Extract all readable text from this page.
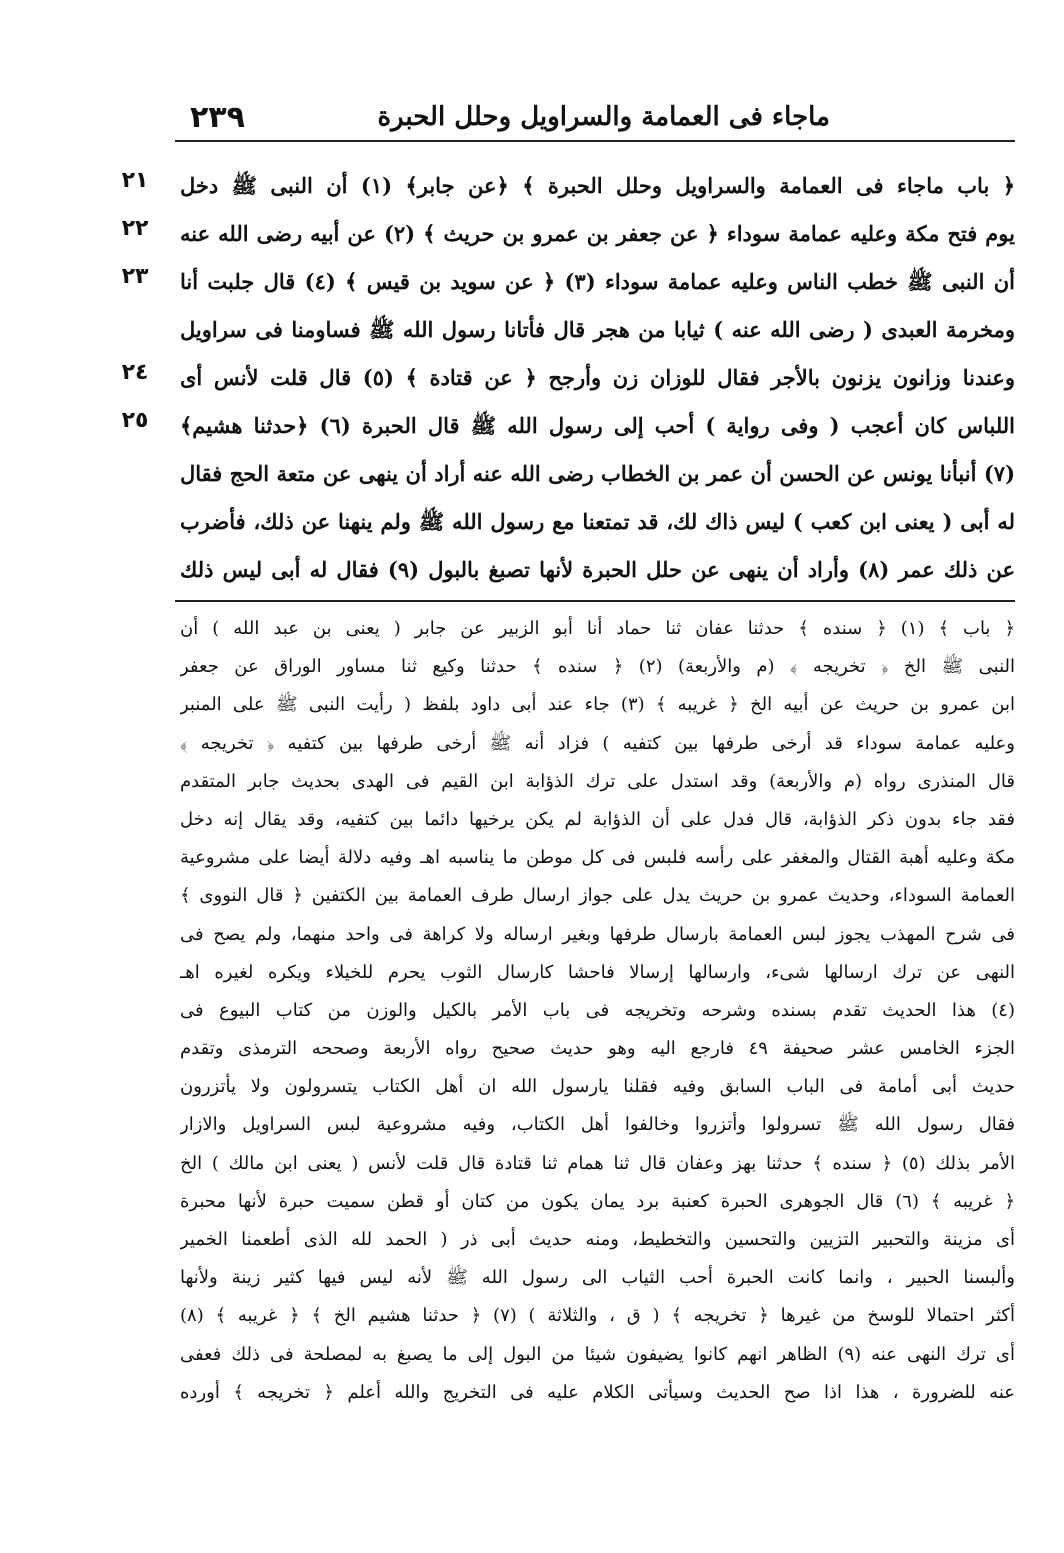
٢٣٩	ماجاء فى العمامة والسراويل وحلل الحبرة
٢١
٢٢
٢٣
٢٤
٢٥
﴿ باب ماجاء فى العمامة والسراويل وحلل الحبرة ﴾ ﴿عن جابر﴾ (١) أن النبى ﷺ دخل
يوم فتح مكة وعليه عمامة سوداء ﴿ عن جعفر بن عمرو بن حريث ﴾ (٢) عن أبيه رضى الله عنه
أن النبى ﷺ خطب الناس وعليه عمامة سوداء (٣) ﴿ عن سويد بن قيس ﴾ (٤) قال جلبت أنا
ومخرمة العبدى ( رضى الله عنه ) ثيابا من هجر قال فأتانا رسول الله ﷺ فساومنا فى سراويل
وعندنا وزانون يزنون بالأجر فقال للوزان زن وأرجح ﴿ عن قتادة ﴾ (٥) قال قلت لأنس أى
اللباس كان أعجب ( وفى رواية ) أحب إلى رسول الله ﷺ قال الحبرة (٦) ﴿حدثنا هشيم﴾
(٧) أنبأنا يونس عن الحسن أن عمر بن الخطاب رضى الله عنه أراد أن ينهى عن متعة الحج فقال
له أبى ( يعنى ابن كعب ) ليس ذاك لك، قد تمتعنا مع رسول الله ﷺ ولم ينهنا عن ذلك، فأضرب
عن ذلك عمر (٨) وأراد أن ينهى عن حلل الحبرة لأنها تصبغ بالبول (٩) فقال له أبى ليس ذلك
﴿ باب ﴾ (١) ﴿ سنده ﴾ حدثنا عفان ثنا حماد أنا أبو الزبير عن جابر ( يعنى بن عبد الله ) أن
النبى ﷺ الخ ﴿ تخريجه ﴾ (م والأربعة) (٢) ﴿ سنده ﴾ حدثنا وكيع ثنا مساور الوراق عن جعفر
ابن عمرو بن حريث عن أبيه الخ ﴿ غريبه ﴾ (٣) جاء عند أبى داود بلفظ ( رأيت النبى ﷺ على المنبر
وعليه عمامة سوداء قد أرخى طرفها بين كتفيه ) فزاد أنه ﷺ أرخى طرفها بين كتفيه ﴿ تخريجه ﴾
قال المنذرى رواه (م والأربعة) وقد استدل على ترك الذؤابة ابن القيم فى الهدى بحديث جابر المتقدم
فقد جاء بدون ذكر الذؤابة، قال فدل على أن الذؤابة لم يكن يرخيها دائما بين كتفيه، وقد يقال إنه دخل
مكة وعليه أهبة القتال والمغفر على رأسه فلبس فى كل موطن ما يناسبه اهـ وفيه دلالة أيضا على مشروعية
العمامة السوداء، وحديث عمرو بن حريث يدل على جواز ارسال طرف العمامة بين الكتفين ﴿ قال النووى ﴾
فى شرح المهذب يجوز لبس العمامة بارسال طرفها وبغير ارساله ولا كراهة فى واحد منهما، ولم يصح فى
النهى عن ترك ارسالها شىء، وارسالها إرسالا فاحشا كارسال الثوب يحرم للخيلاء ويكره لغيره اهـ
(٤) هذا الحديث تقدم بسنده وشرحه وتخريجه فى باب الأمر بالكيل والوزن من كتاب البيوع فى
الجزء الخامس عشر صحيفة ٤٩ فارجع اليه وهو حديث صحيح رواه الأربعة وصححه الترمذى وتقدم
حديث أبى أمامة فى الباب السابق وفيه فقلنا يارسول الله ان أهل الكتاب يتسرولون ولا يأتزرون
فقال رسول الله ﷺ تسرولوا وأتزروا وخالفوا أهل الكتاب، وفيه مشروعية لبس السراويل والازار
الأمر بذلك (٥) ﴿ سنده ﴾ حدثنا بهز وعفان قال ثنا همام ثنا قتادة قال قلت لأنس ( يعنى ابن مالك ) الخ
﴿ غريبه ﴾ (٦) قال الجوهرى الحبرة كعنبة برد يمان يكون من كتان أو قطن سميت حبرة لأنها محبرة
أى مزينة والتحبير التزيين والتحسين والتخطيط، ومنه حديث أبى ذر ( الحمد لله الذى أطعمنا الخمير
وألبسنا الحبير ، وانما كانت الحبرة أحب الثياب الى رسول الله ﷺ لأنه ليس فيها كثير زينة ولأنها
أكثر احتمالا للوسخ من غيرها ﴿ تخريجه ﴾ ( ق ، والثلاثة ) (٧) ﴿ حدثنا هشيم الخ ﴾ ﴿ غريبه ﴾ (٨)
أى ترك النهى عنه (٩) الظاهر انهم كانوا يضيفون شيئا من البول إلى ما يصبغ به لمصلحة فى ذلك فعفى
عنه للضرورة ، هذا اذا صح الحديث وسيأتى الكلام عليه فى التخريج والله أعلم ﴿ تخريجه ﴾ أورده
